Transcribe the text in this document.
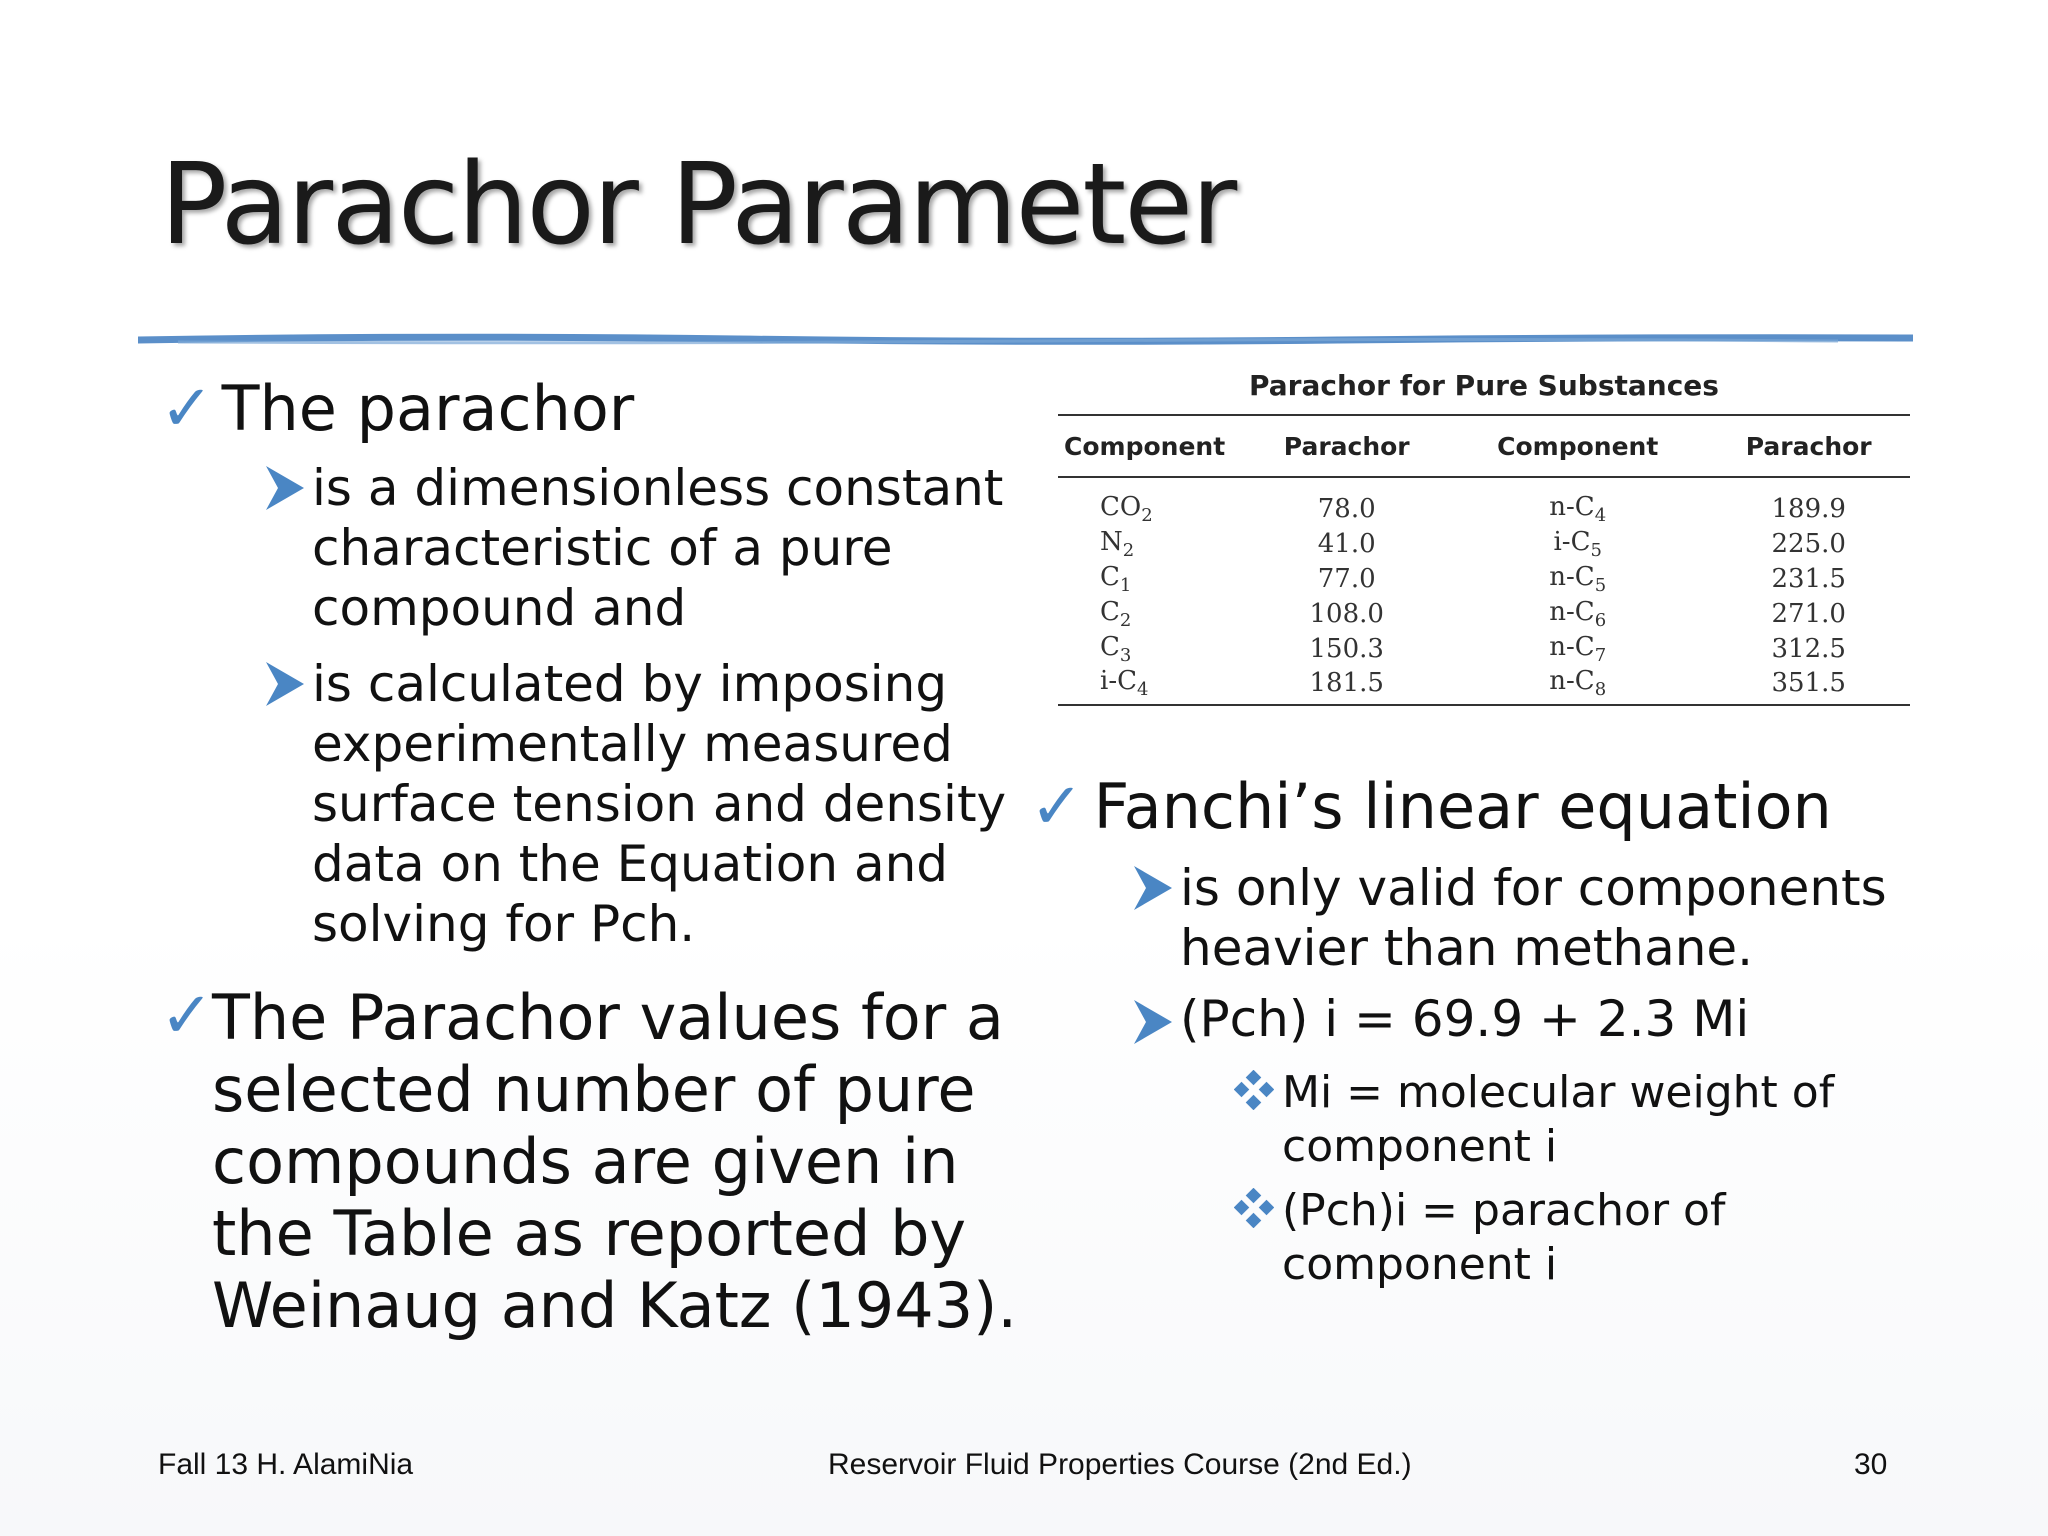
Parachor Parameter
✓ The parachor
is a dimensionless constant characteristic of a pure compound and
is calculated by imposing experimentally measured surface tension and density data on the Equation and solving for Pch.
✓
The Parachor values for a selected number of pure compounds are given in the Table as reported by Weinaug and Katz (1943).
Parachor for Pure Substances
Component	Parachor	Component	Parachor
$CO_2$	78.0	$n-C_4$	189.9
$N_2$	41.0	$i-C_5$	225.0
$C_1$	77.0	$n-C_5$	231.5
$C_2$	108.0	$n-C_6$	271.0
$C_3$	150.3	$n-C_7$	312.5
$i-C_4$	181.5	$n-C_8$	351.5
✓ Fanchi’s linear equation
is only valid for components heavier than methane.
(Pch) i = 69.9 + 2.3 Mi
Mi = molecular weight of component i
(Pch)i = parachor of component i
Fall 13 H. AlamiNia	Reservoir Fluid Properties Course (2nd Ed.)	30
